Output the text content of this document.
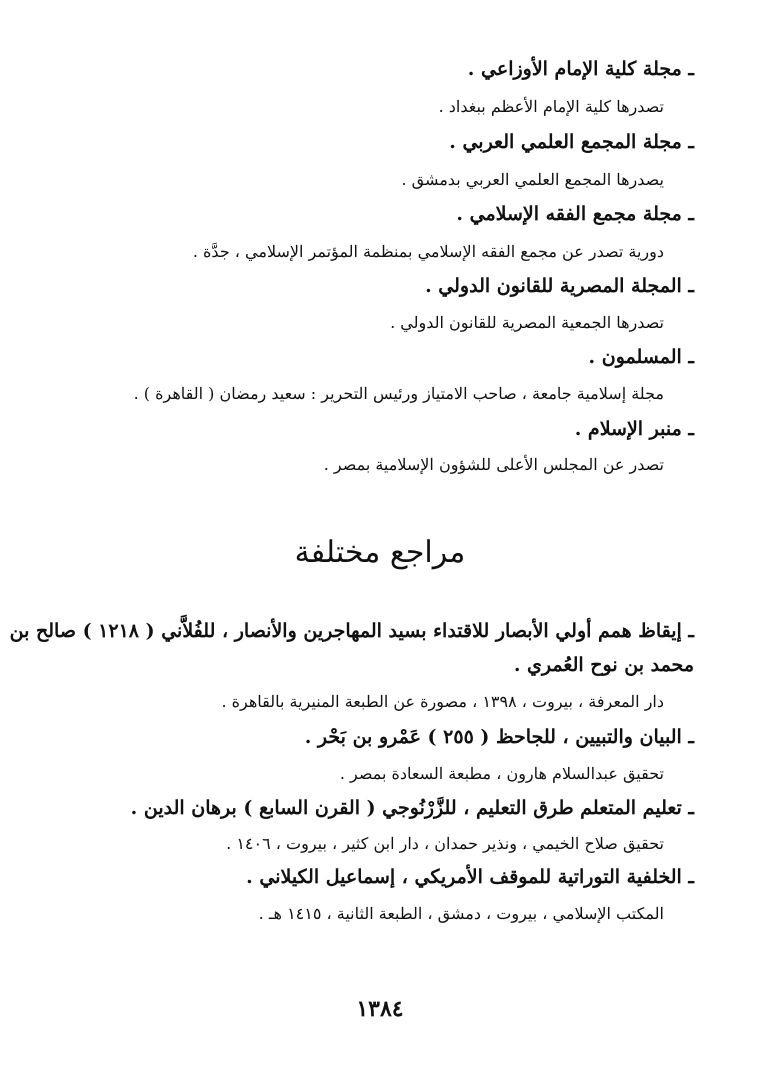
ـ مجلة كلية الإمام الأوزاعي .
تصدرها كلية الإمام الأعظم ببغداد .
ـ مجلة المجمع العلمي العربي .
يصدرها المجمع العلمي العربي بدمشق .
ـ مجلة مجمع الفقه الإسلامي .
دورية تصدر عن مجمع الفقه الإسلامي بمنظمة المؤتمر الإسلامي ، جدَّة .
ـ المجلة المصرية للقانون الدولي .
تصدرها الجمعية المصرية للقانون الدولي .
ـ المسلمون .
مجلة إسلامية جامعة ، صاحب الامتياز ورئيس التحرير : سعيد رمضان ( القاهرة ) .
ـ منبر الإسلام .
تصدر عن المجلس الأعلى للشؤون الإسلامية بمصر .
مراجع مختلفة
ـ إيقاظ همم أولي الأبصار للاقتداء بسيد المهاجرين والأنصار ، للفُلاَّني ( ١٢١٨ ) صالح بن
محمد بن نوح العُمري .
دار المعرفة ، بيروت ، ١٣٩٨ ، مصورة عن الطبعة المنيرية بالقاهرة .
ـ البيان والتبيين ، للجاحظ ( ٢٥٥ ) عَمْرو بن بَحْر .
تحقيق عبدالسلام هارون ، مطبعة السعادة بمصر .
ـ تعليم المتعلم طرق التعليم ، للزَّرْنُوجي ( القرن السابع ) برهان الدين .
تحقيق صلاح الخيمي ، ونذير حمدان ، دار ابن كثير ، بيروت ، ١٤٠٦ .
ـ الخلفية التوراتية للموقف الأمريكي ، إسماعيل الكيلاني .
المكتب الإسلامي ، بيروت ، دمشق ، الطبعة الثانية ، ١٤١٥ هـ .
١٣٨٤
